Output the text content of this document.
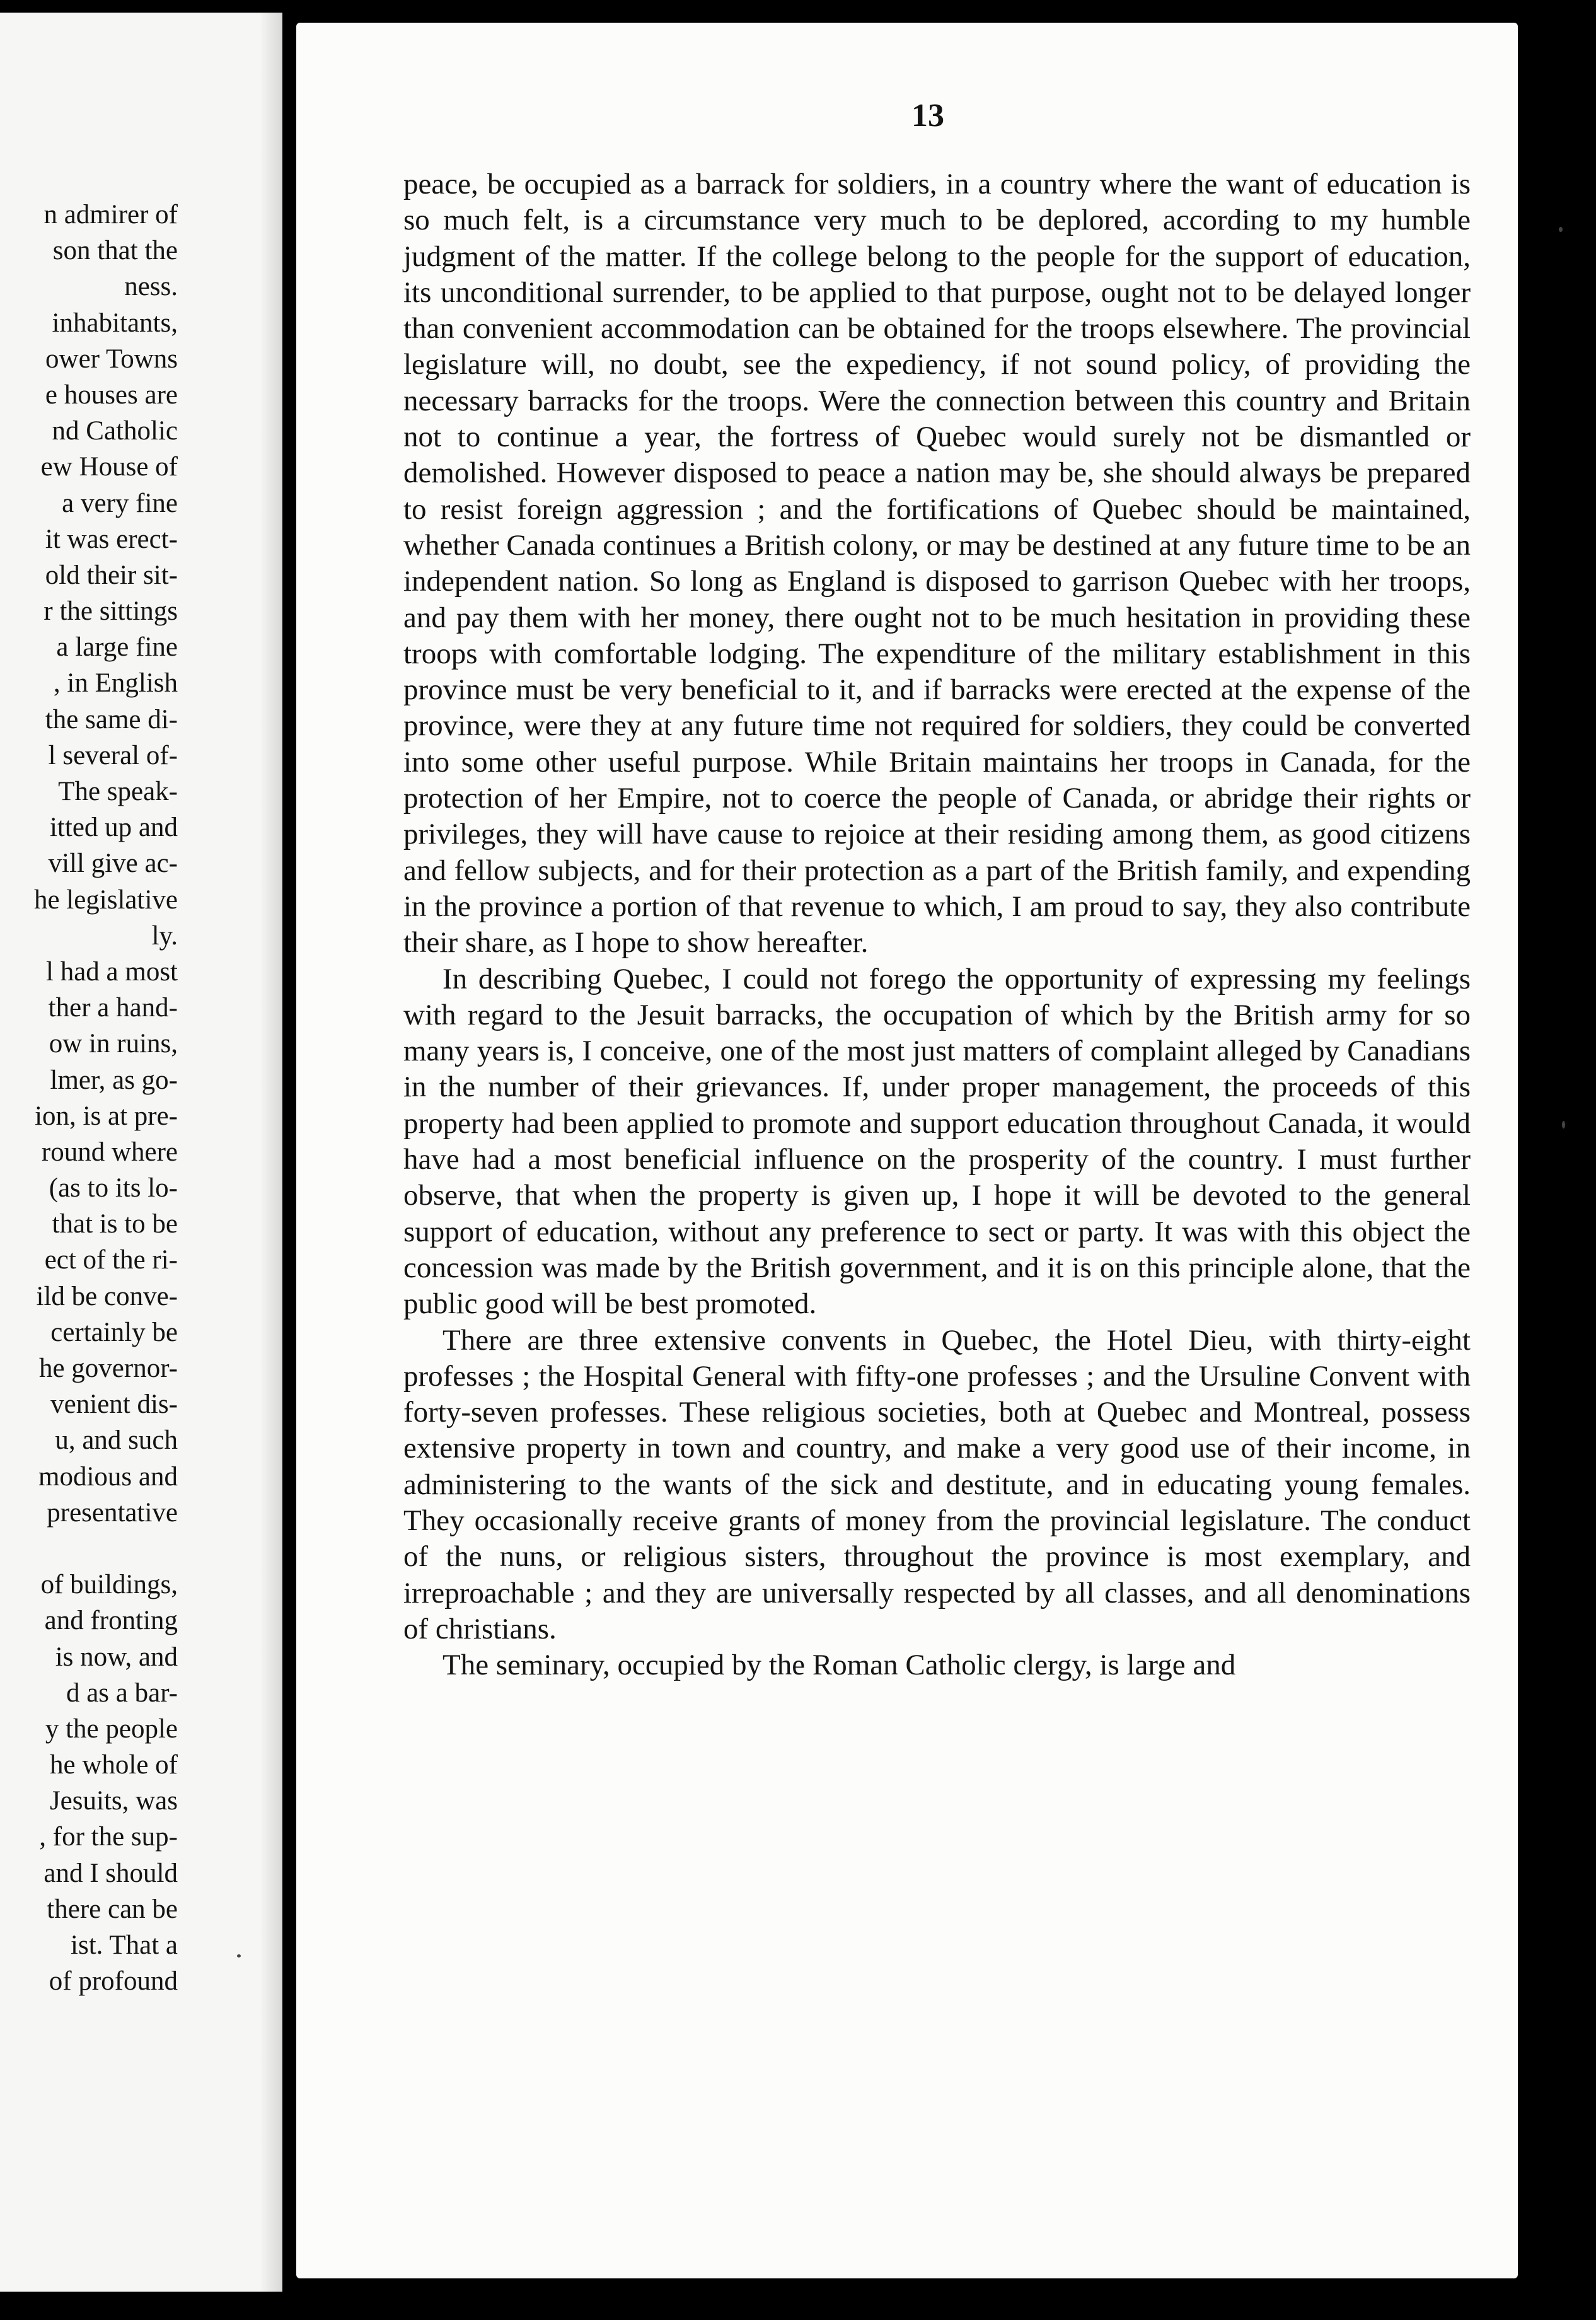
n admirer of
son that the
ness.
inhabitants,
ower Towns
e houses are
nd Catholic
ew House of
a very fine
it was erect-
old their sit-
r the sittings
a large fine
, in English
the same di-
l several of-
The speak-
itted up and
vill give ac-
he legislative
ly.
l had a most
ther a hand-
ow in ruins,
lmer, as go-
ion, is at pre-
round where
(as to its lo-
that is to be
ect of the ri-
ild be conve-
certainly be
he governor-
venient dis-
u, and such
modious and
presentative
of buildings,
and fronting
is now, and
d as a bar-
y the people
he whole of
Jesuits, was
, for the sup-
and I should
there can be
ist. That a
of profound
13

peace, be occupied as a barrack for soldiers, in a country where the want of education is so much felt, is a circumstance very much to be deplored, according to my humble judgment of the matter. If the college belong to the people for the support of education, its unconditional surrender, to be applied to that purpose, ought not to be delayed longer than convenient accommodation can be obtained for the troops elsewhere. The provincial legislature will, no doubt, see the expediency, if not sound policy, of providing the necessary barracks for the troops. Were the connection between this country and Britain not to continue a year, the fortress of Quebec would surely not be dismantled or demolished. However disposed to peace a nation may be, she should always be prepared to resist foreign aggression ; and the fortifications of Quebec should be maintained, whether Canada continues a British colony, or may be destined at any future time to be an independent nation. So long as England is disposed to garrison Quebec with her troops, and pay them with her money, there ought not to be much hesitation in providing these troops with comfortable lodging. The expenditure of the military establishment in this province must be very beneficial to it, and if barracks were erected at the expense of the province, were they at any future time not required for soldiers, they could be converted into some other useful purpose. While Britain maintains her troops in Canada, for the protection of her Empire, not to coerce the people of Canada, or abridge their rights or privileges, they will have cause to rejoice at their residing among them, as good citizens and fellow subjects, and for their protection as a part of the British family, and expending in the province a portion of that revenue to which, I am proud to say, they also contribute their share, as I hope to show hereafter.

In describing Quebec, I could not forego the opportunity of expressing my feelings with regard to the Jesuit barracks, the occupation of which by the British army for so many years is, I conceive, one of the most just matters of complaint alleged by Canadians in the number of their grievances. If, under proper management, the proceeds of this property had been applied to promote and support education throughout Canada, it would have had a most beneficial influence on the prosperity of the country. I must further observe, that when the property is given up, I hope it will be devoted to the general support of education, without any preference to sect or party. It was with this object the concession was made by the British government, and it is on this principle alone, that the public good will be best promoted.

There are three extensive convents in Quebec, the Hotel Dieu, with thirty-eight professes ; the Hospital General with fifty-one professes ; and the Ursuline Convent with forty-seven professes. These religious societies, both at Quebec and Montreal, possess extensive property in town and country, and make a very good use of their income, in administering to the wants of the sick and destitute, and in educating young females. They occasionally receive grants of money from the provincial legislature. The conduct of the nuns, or religious sisters, throughout the province is most exemplary, and irreproachable ; and they are universally respected by all classes, and all denominations of christians.

The seminary, occupied by the Roman Catholic clergy, is large and
